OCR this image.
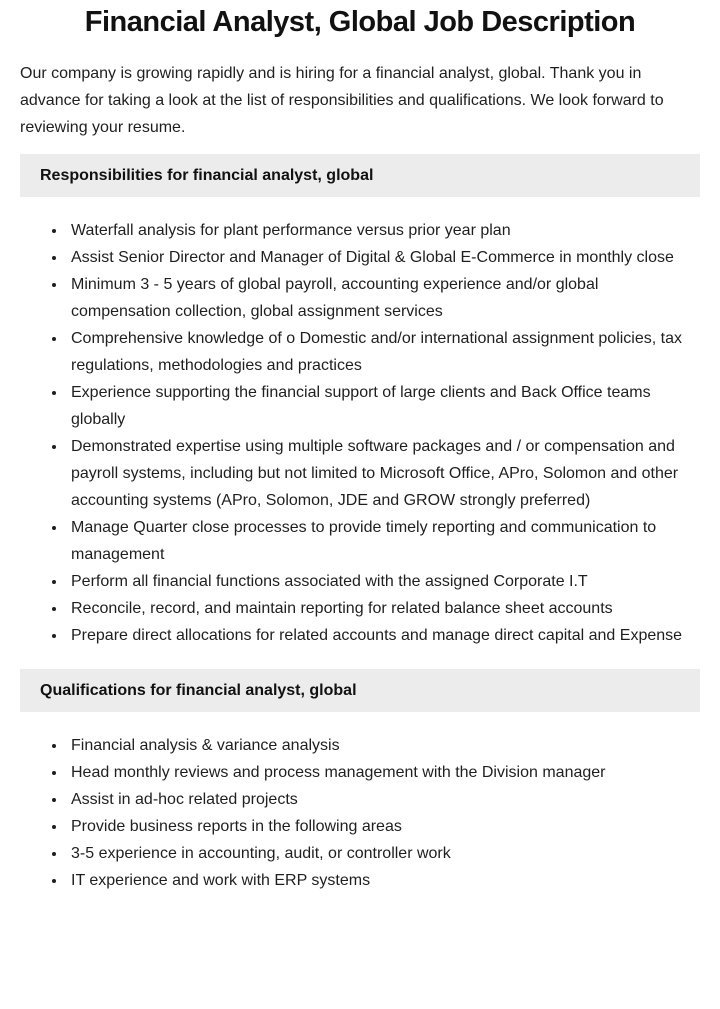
Financial Analyst, Global Job Description

Our company is growing rapidly and is hiring for a financial analyst, global. Thank you in advance for taking a look at the list of responsibilities and qualifications. We look forward to reviewing your resume.

Responsibilities for financial analyst, global
• Waterfall analysis for plant performance versus prior year plan
• Assist Senior Director and Manager of Digital & Global E-Commerce in monthly close
• Minimum 3 - 5 years of global payroll, accounting experience and/or global compensation collection, global assignment services
• Comprehensive knowledge of o Domestic and/or international assignment policies, tax regulations, methodologies and practices
• Experience supporting the financial support of large clients and Back Office teams globally
• Demonstrated expertise using multiple software packages and / or compensation and payroll systems, including but not limited to Microsoft Office, APro, Solomon and other accounting systems (APro, Solomon, JDE and GROW strongly preferred)
• Manage Quarter close processes to provide timely reporting and communication to management
• Perform all financial functions associated with the assigned Corporate I.T
• Reconcile, record, and maintain reporting for related balance sheet accounts
• Prepare direct allocations for related accounts and manage direct capital and Expense
Qualifications for financial analyst, global
• Financial analysis & variance analysis
• Head monthly reviews and process management with the Division manager
• Assist in ad-hoc related projects
• Provide business reports in the following areas
• 3-5 experience in accounting, audit, or controller work
• IT experience and work with ERP systems
